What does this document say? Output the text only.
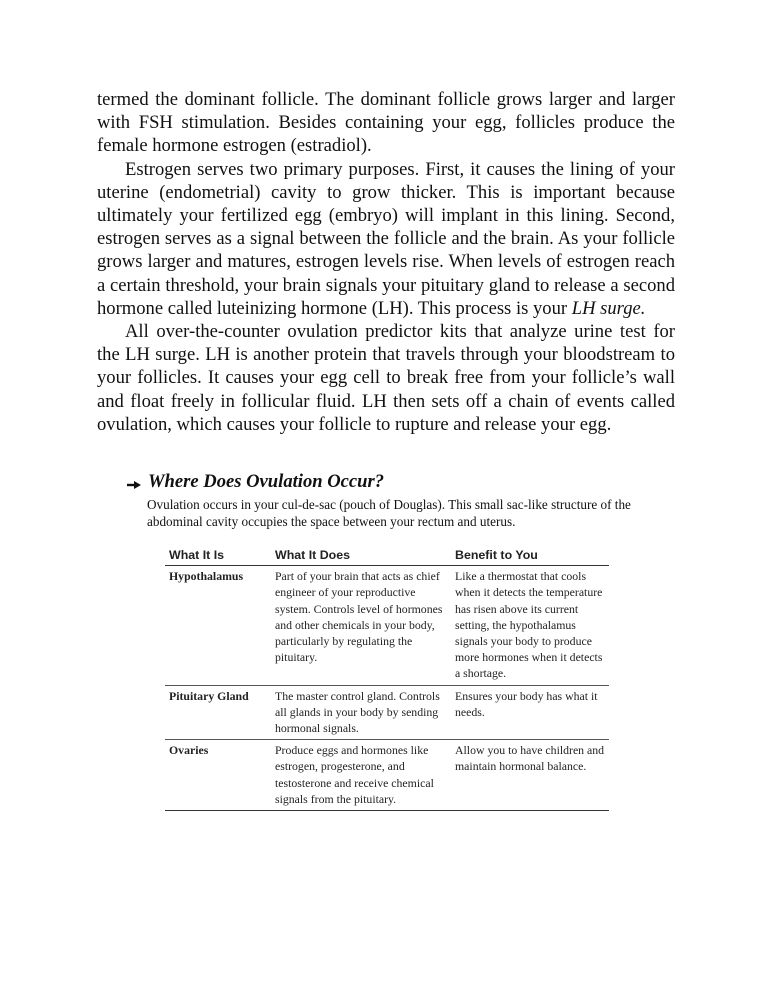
termed the dominant follicle. The dominant follicle grows larger and larger with FSH stimulation. Besides containing your egg, follicles produce the female hormone estrogen (estradiol).

Estrogen serves two primary purposes. First, it causes the lining of your uterine (endometrial) cavity to grow thicker. This is important because ultimately your fertilized egg (embryo) will implant in this lining. Second, estrogen serves as a signal between the follicle and the brain. As your follicle grows larger and matures, estrogen levels rise. When levels of estrogen reach a certain threshold, your brain signals your pituitary gland to release a second hormone called luteinizing hormone (LH). This process is your LH surge.

All over-the-counter ovulation predictor kits that analyze urine test for the LH surge. LH is another protein that travels through your bloodstream to your follicles. It causes your egg cell to break free from your follicle’s wall and float freely in follicular fluid. LH then sets off a chain of events called ovulation, which causes your follicle to rupture and release your egg.

Where Does Ovulation Occur?
Ovulation occurs in your cul-de-sac (pouch of Douglas). This small sac-like structure of the abdominal cavity occupies the space between your rectum and uterus.
What It Is	What It Does	Benefit to You
Hypothalamus	Part of your brain that acts as chief engineer of your reproductive system. Controls level of hormones and other chemicals in your body, particularly by regulating the pituitary.	Like a thermostat that cools when it detects the temperature has risen above its current setting, the hypothalamus signals your body to produce more hormones when it detects a shortage.
Pituitary Gland	The master control gland. Controls all glands in your body by sending hormonal signals.	Ensures your body has what it needs.
Ovaries	Produce eggs and hormones like estrogen, progesterone, and testosterone and receive chemical signals from the pituitary.	Allow you to have children and maintain hormonal balance.
